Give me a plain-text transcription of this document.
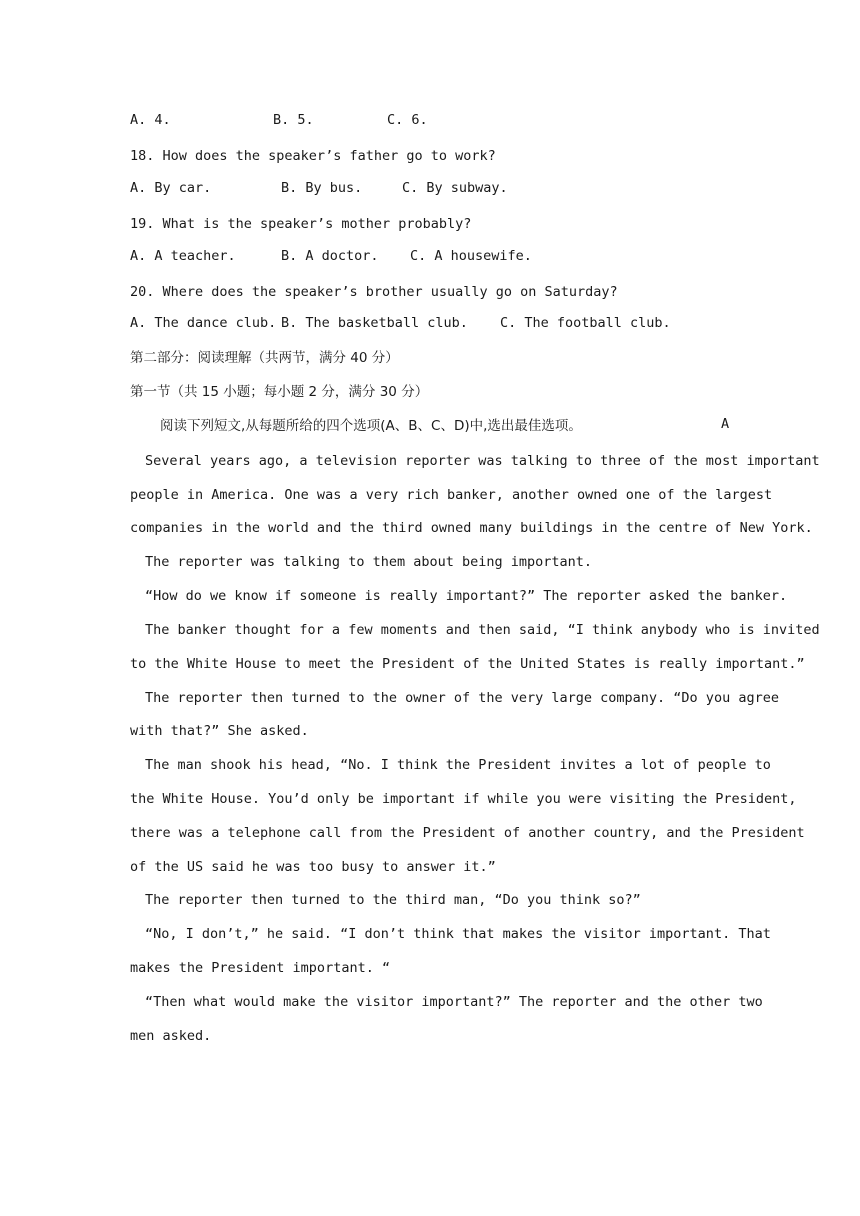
A. 4.	B. 5.	C. 6.
18. How does the speaker’s father go to work?
A. By car.	B. By bus.	C. By subway.
19. What is the speaker’s mother probably?
A. A teacher.	B. A doctor. C. A housewife.
20. Where does the speaker’s brother usually go on Saturday?
A. The dance club. B. The basketball club. C. The football club.
第二部分：阅读理解（共两节，满分 40 分）
第一节（共 15 小题；每小题 2 分，满分 30 分）
阅读下列短文,从每题所给的四个选项(A、B、C、D)中,选出最佳选项。	A
Several years ago, a television reporter was talking to three of the most important
people in America. One was a very rich banker, another owned one of the largest
companies in the world and the third owned many buildings in the centre of New York.
The reporter was talking to them about being important.
“How do we know if someone is really important?” The reporter asked the banker.
The banker thought for a few moments and then said, “I think anybody who is invited
to the White House to meet the President of the United States is really important.”
The reporter then turned to the owner of the very large company. “Do you agree
with that?” She asked.
The man shook his head, “No. I think the President invites a lot of people to
the White House. You’d only be important if while you were visiting the President,
there was a telephone call from the President of another country, and the President
of the US said he was too busy to answer it.”
The reporter then turned to the third man, “Do you think so?”
“No, I don’t,” he said. “I don’t think that makes the visitor important. That
makes the President important. “
“Then what would make the visitor important?” The reporter and the other two
men asked.
